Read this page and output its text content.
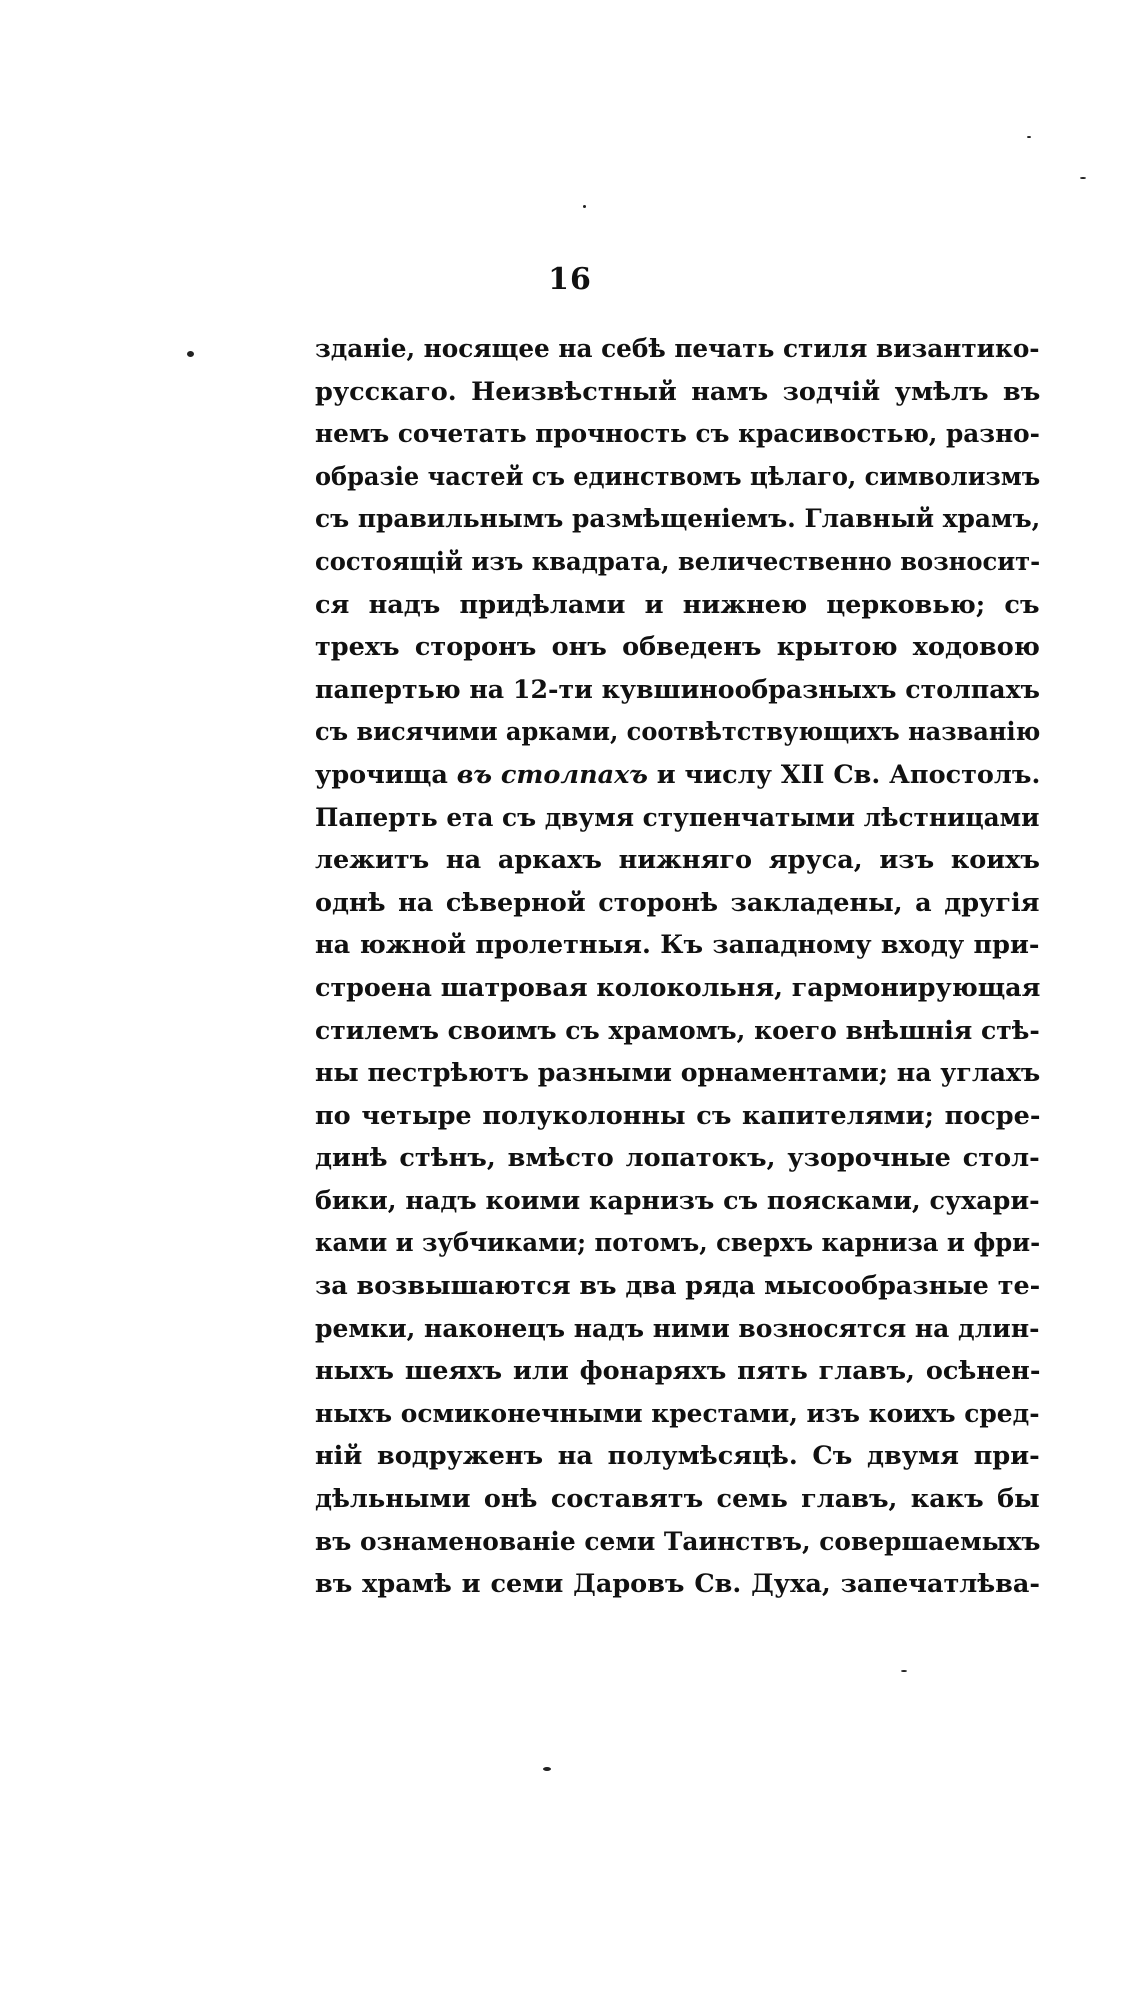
16
зданіе, носящее на себѣ печать стиля византико-
русскаго. Неизвѣстный намъ зодчій умѣлъ въ
немъ сочетать прочность съ красивостью, разно-
образіе частей съ единствомъ цѣлаго, символизмъ
съ правильнымъ размѣщеніемъ. Главный храмъ,
состоящій изъ квадрата, величественно возносит-
ся надъ придѣлами и нижнею церковью; съ
трехъ сторонъ онъ обведенъ крытою ходовою
папертью на 12-ти кувшинообразныхъ столпахъ
съ висячими арками, соотвѣтствующихъ названію
урочища въ столпахъ и числу XII Св. Апостолъ.
Паперть ета съ двумя ступенчатыми лѣстницами
лежитъ на аркахъ нижняго яруса, изъ коихъ
однѣ на сѣверной сторонѣ закладены, а другія
на южной пролетныя. Къ западному входу при-
строена шатровая колокольня, гармонирующая
стилемъ своимъ съ храмомъ, коего внѣшнія стѣ-
ны пестрѣютъ разными орнаментами; на углахъ
по четыре полуколонны съ капителями; посре-
динѣ стѣнъ, вмѣсто лопатокъ, узорочные стол-
бики, надъ коими карнизъ съ поясками, сухари-
ками и зубчиками; потомъ, сверхъ карниза и фри-
за возвышаются въ два ряда мысообразные те-
ремки, наконецъ надъ ними возносятся на длин-
ныхъ шеяхъ или фонаряхъ пять главъ, осѣнен-
ныхъ осмиконечными крестами, изъ коихъ сред-
ній водруженъ на полумѣсяцѣ. Съ двумя при-
дѣльными онѣ составятъ семь главъ, какъ бы
въ ознаменованіе семи Таинствъ, совершаемыхъ
въ храмѣ и семи Даровъ Св. Духа, запечатлѣва-
